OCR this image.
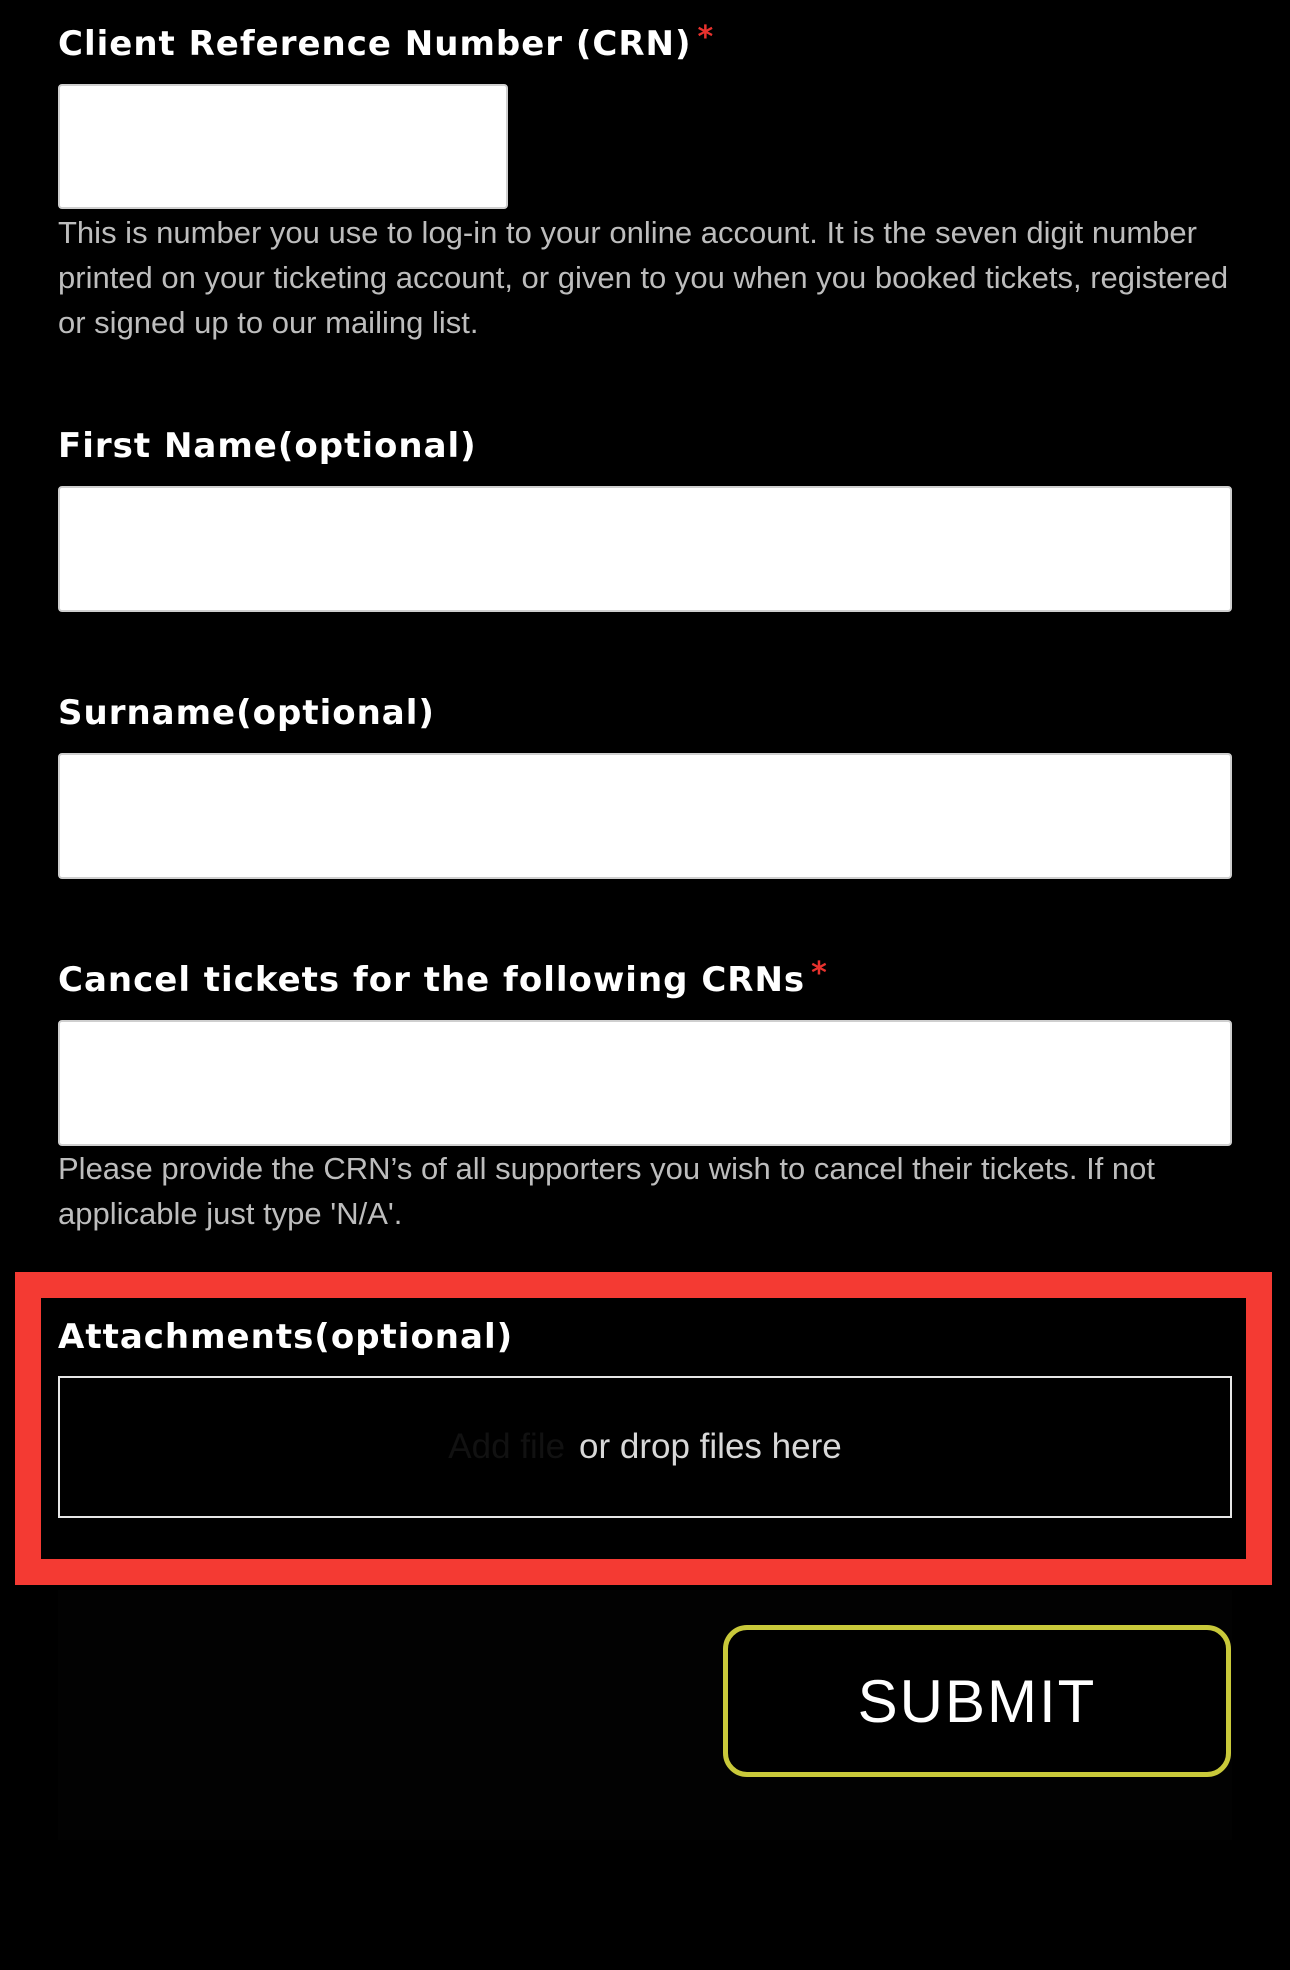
Client Reference Number (CRN) *
This is number you use to log-in to your online account. It is the seven digit number printed on your ticketing account, or given to you when you booked tickets, registered or signed up to our mailing list.
First Name(optional)
Surname(optional)
Cancel tickets for the following CRNs *
Please provide the CRN’s of all supporters you wish to cancel their tickets. If not applicable just type 'N/A'.
Attachments(optional)
Add file or drop files here
SUBMIT
